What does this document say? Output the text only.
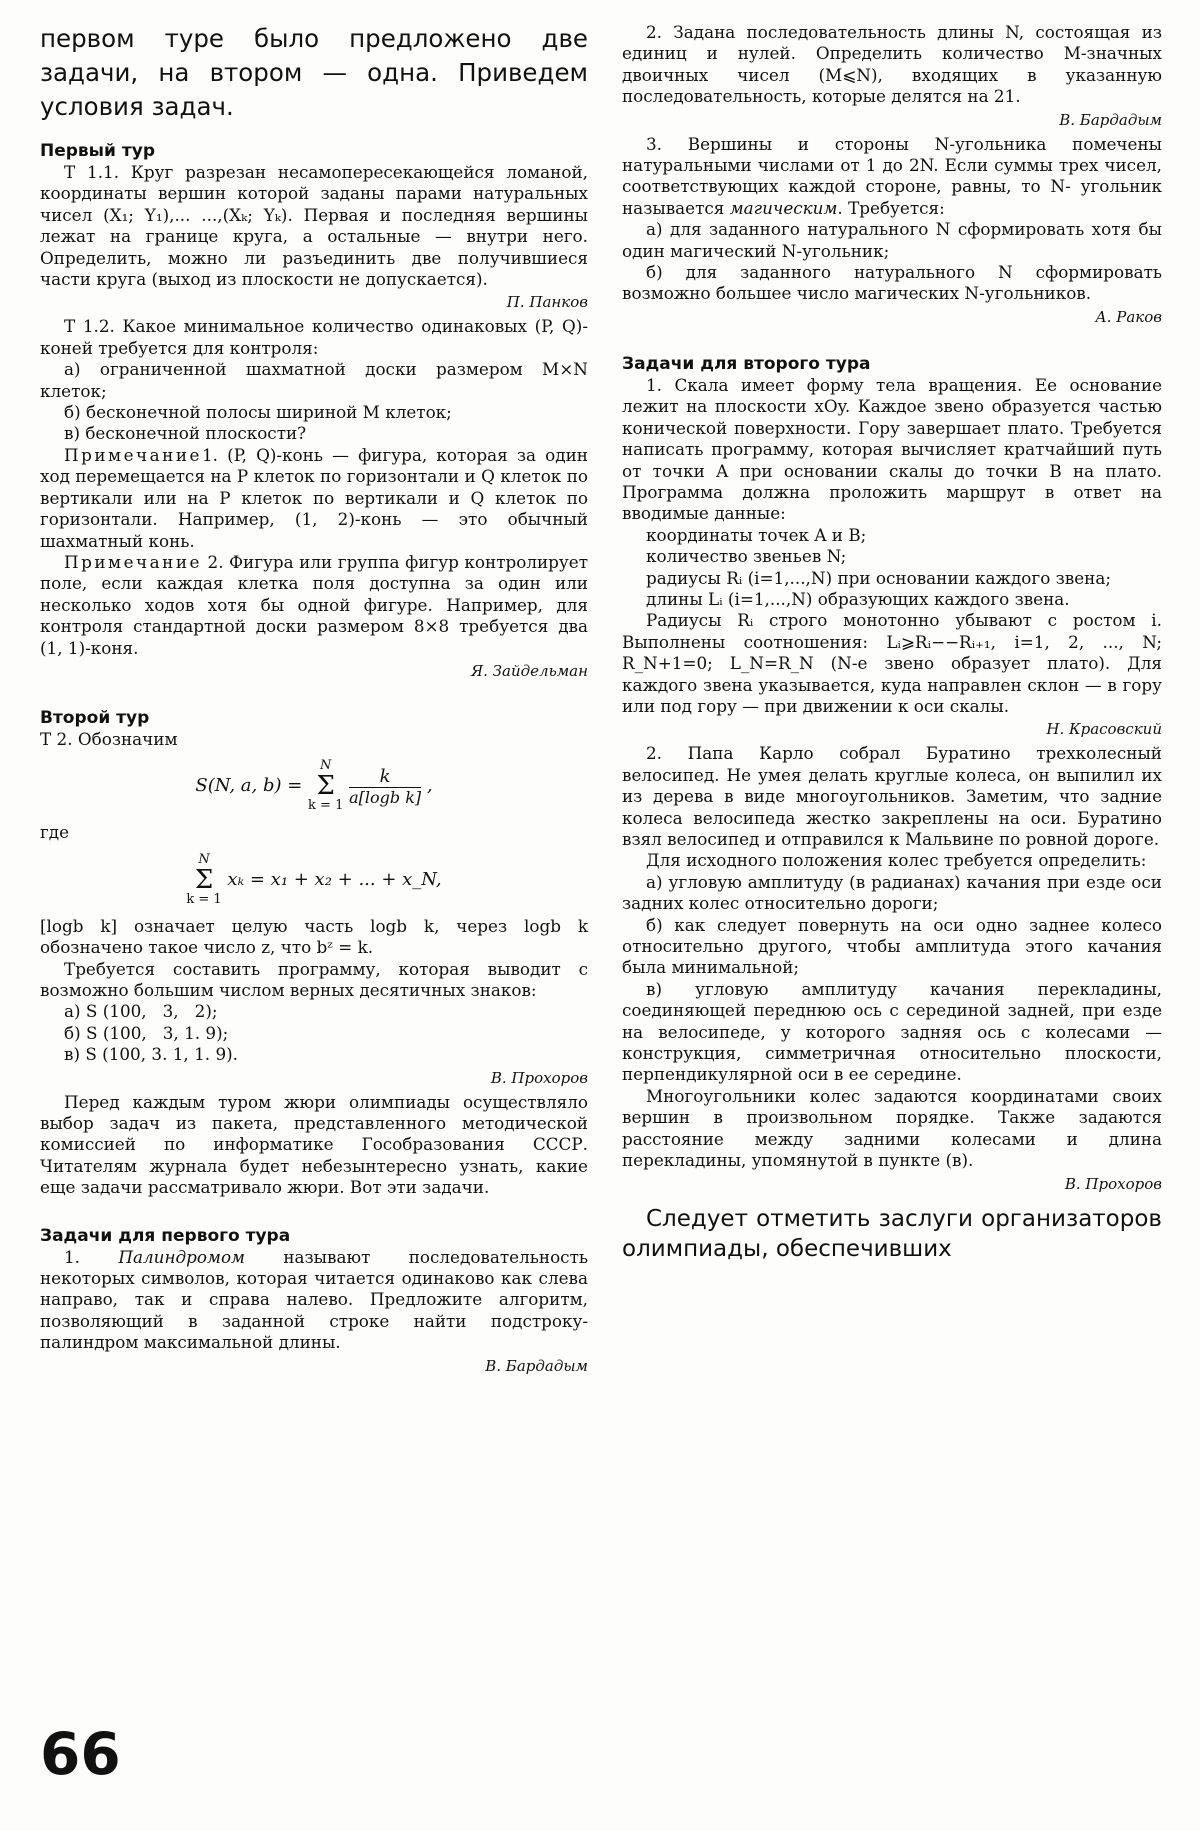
первом туре было предложено две задачи, на втором — одна. Приведем условия задач.

Первый тур

Т 1.1. Круг разрезан несамопересекающейся ломаной, координаты вершин которой заданы парами натуральных чисел (X₁; Y₁),... ...,(Xₖ; Yₖ). Первая и последняя вершины лежат на границе круга, а остальные — внутри него. Определить, можно ли разъединить две получившиеся части круга (выход из плоскости не допускается).

П. Панков

Т 1.2. Какое минимальное количество одинаковых (P, Q)-коней требуется для контроля:

а) ограниченной шахматной доски размером M×N клеток;

б) бесконечной полосы шириной M клеток;

в) бесконечной плоскости?

Примечание1. (P, Q)-конь — фигура, которая за один ход перемещается на P клеток по горизонтали и Q клеток по вертикали или на P клеток по вертикали и Q клеток по горизонтали. Например, (1, 2)-конь — это обычный шахматный конь.

Примечание 2. Фигура или группа фигур контролирует поле, если каждая клетка поля доступна за один или несколько ходов хотя бы одной фигуре. Например, для контроля стандартной доски размером 8×8 требуется два (1, 1)-коня.

Я. Зайдельман
Второй тур

Т 2. Обозначим

S(N, a, b) =
N
Σ
k = 1
$\frac{k}{\text{a[logb k]}}$ ,

где

N
Σ
k = 1
xₖ = x₁ + x₂ + ... + x_N,

[logb k] означает целую часть logb k, через logb k обозначено такое число z, что bᶻ = k.

Требуется составить программу, которая выводит с возможно большим числом верных десятичных знаков:

а) S (100,   3,   2);

б) S (100,   3, 1. 9);

в) S (100, 3. 1, 1. 9).

В. Прохоров

Перед каждым туром жюри олимпиады осуществляло выбор задач из пакета, представленного методической комиссией по информатике Гособразования СССР. Читателям журнала будет небезынтересно узнать, какие еще задачи рассматривало жюри. Вот эти задачи.

Задачи для первого тура

1. Палиндромом называют последовательность некоторых символов, которая читается одинаково как слева направо, так и справа налево. Предложите алгоритм, позволяющий в заданной строке найти подстроку-палиндром максимальной длины.

В. Бардадым

2. Задана последовательность длины N, состоящая из единиц и нулей. Определить количество M-значных двоичных чисел (M⩽N), входящих в указанную последовательность, которые делятся на 21.

В. Бардадым

3. Вершины и стороны N-угольника помечены натуральными числами от 1 до 2N. Если суммы трех чисел, соответствующих каждой стороне, равны, то N- угольник называется магическим. Требуется:

а) для заданного натурального N сформировать хотя бы один магический N-угольник;

б) для заданного натурального N сформировать возможно большее число магических N-угольников.

А. Раков
Задачи для второго тура

1. Скала имеет форму тела вращения. Ее основание лежит на плоскости xOy. Каждое звено образуется частью конической поверхности. Гору завершает плато. Требуется написать программу, которая вычисляет кратчайший путь от точки A при основании скалы до точки B на плато. Программа должна проложить маршрут в ответ на вводимые данные:

координаты точек A и B;

количество звеньев N;

радиусы Rᵢ (i=1,...,N) при основании каждого звена;

длины Lᵢ (i=1,...,N) образующих каждого звена.

Радиусы Rᵢ строго монотонно убывают с ростом i. Выполнены соотношения: Lᵢ⩾Rᵢ−−Rᵢ₊₁, i=1, 2, ..., N; R_N+1=0; L_N=R_N (N-е звено образует плато). Для каждого звена указывается, куда направлен склон — в гору или под гору — при движении к оси скалы.

Н. Красовский

2. Папа Карло собрал Буратино трехколесный велосипед. Не умея делать круглые колеса, он выпилил их из дерева в виде многоугольников. Заметим, что задние колеса велосипеда жестко закреплены на оси. Буратино взял велосипед и отправился к Мальвине по ровной дороге.

Для исходного положения колес требуется определить:

а) угловую амплитуду (в радианах) качания при езде оси задних колес относительно дороги;

б) как следует повернуть на оси одно заднее колесо относительно другого, чтобы амплитуда этого качания была минимальной;

в) угловую амплитуду качания перекладины, соединяющей переднюю ось с серединой задней, при езде на велосипеде, у которого задняя ось с колесами — конструкция, симметричная относительно плоскости, перпендикулярной оси в ее середине.

Многоугольники колес задаются координатами своих вершин в произвольном порядке. Также задаются расстояние между задними колесами и длина перекладины, упомянутой в пункте (в).

В. Прохоров

Следует отметить заслуги организаторов олимпиады, обеспечивших

66
